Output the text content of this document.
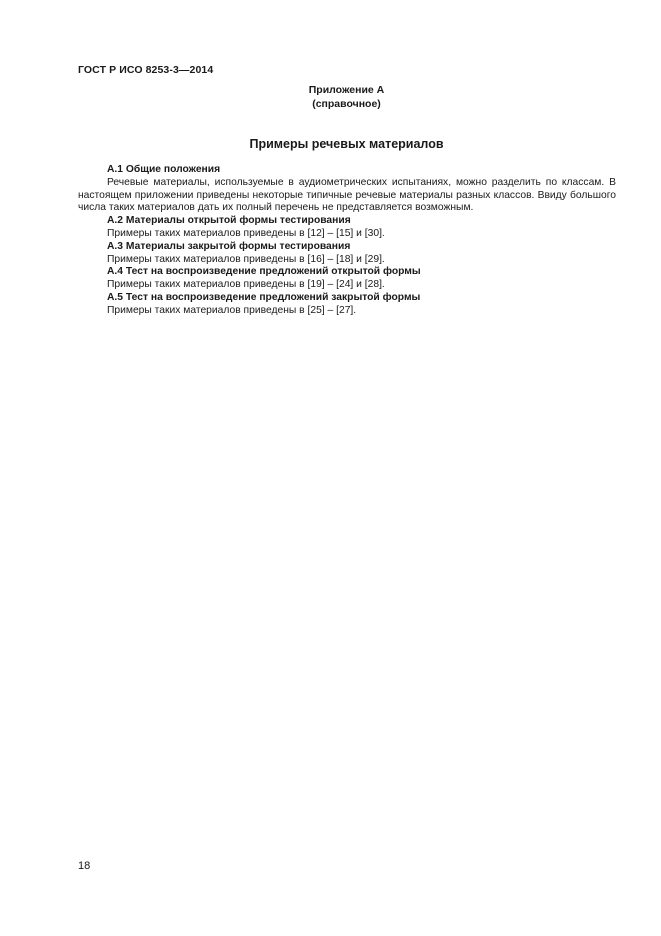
ГОСТ Р ИСО 8253-3—2014
Приложение А
(справочное)
Примеры речевых материалов

А.1 Общие положения

Речевые материалы, используемые в аудиометрических испытаниях, можно разделить по классам. В настоящем приложении приведены некоторые типичные речевые материалы разных классов. Ввиду большого числа таких материалов дать их полный перечень не представляется возможным.

А.2 Материалы открытой формы тестирования

Примеры таких материалов приведены в [12] – [15] и [30].

А.3 Материалы закрытой формы тестирования

Примеры таких материалов приведены в [16] – [18] и [29].

А.4 Тест на воспроизведение предложений открытой формы

Примеры таких материалов приведены в [19] – [24] и [28].

А.5 Тест на воспроизведение предложений закрытой формы

Примеры таких материалов приведены в [25] – [27].

18
